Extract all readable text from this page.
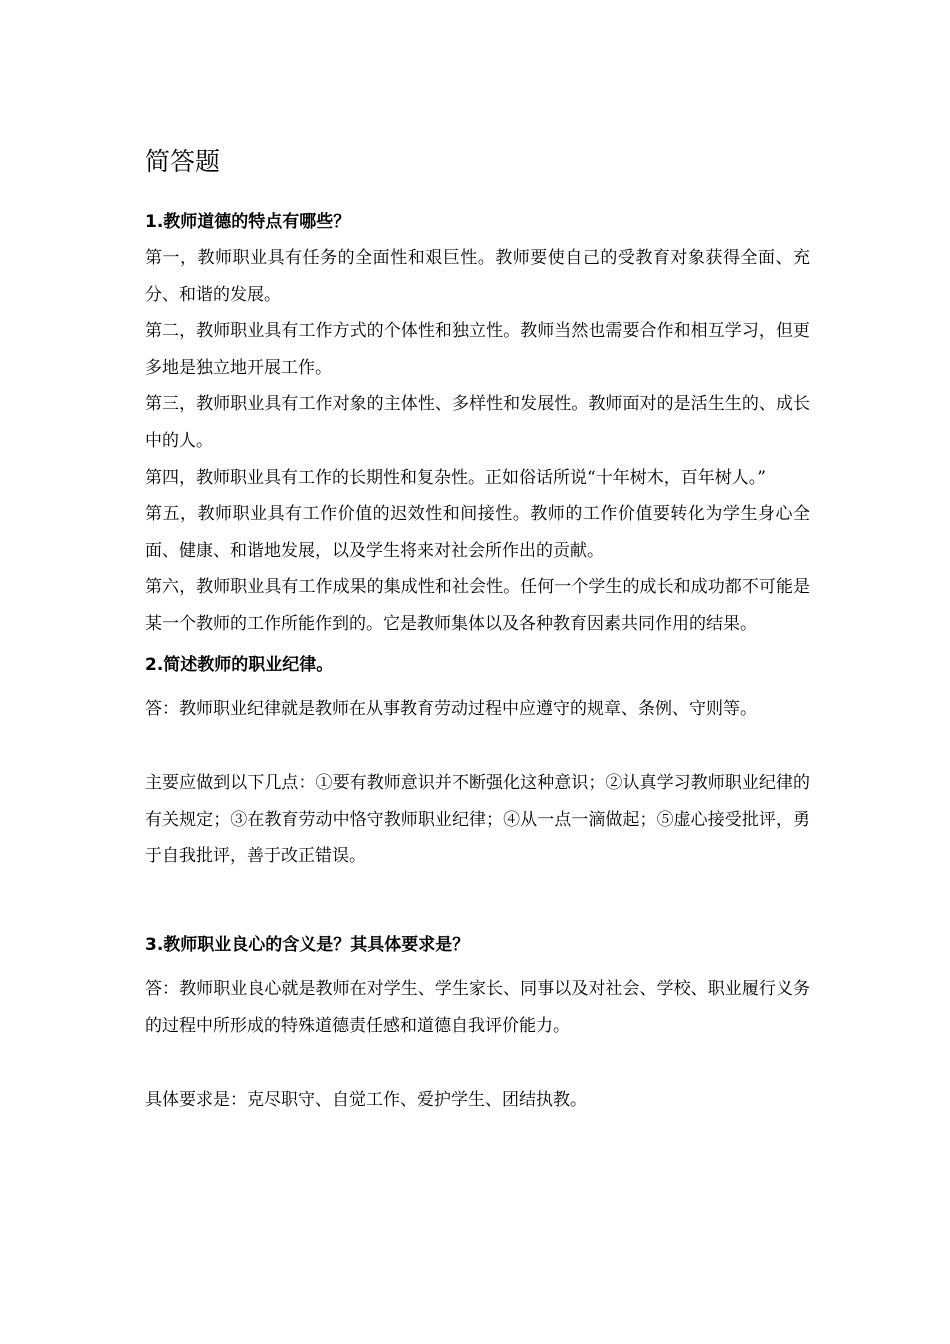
简答题

1.教师道德的特点有哪些？

第一，教师职业具有任务的全面性和艰巨性。教师要使自己的受教育对象获得全面、充分、和谐的发展。

第二，教师职业具有工作方式的个体性和独立性。教师当然也需要合作和相互学习，但更多地是独立地开展工作。

第三，教师职业具有工作对象的主体性、多样性和发展性。教师面对的是活生生的、成长中的人。

第四，教师职业具有工作的长期性和复杂性。正如俗话所说“十年树木，百年树人。”

第五，教师职业具有工作价值的迟效性和间接性。教师的工作价值要转化为学生身心全面、健康、和谐地发展，以及学生将来对社会所作出的贡献。

第六，教师职业具有工作成果的集成性和社会性。任何一个学生的成长和成功都不可能是某一个教师的工作所能作到的。它是教师集体以及各种教育因素共同作用的结果。

2.简述教师的职业纪律。

答：教师职业纪律就是教师在从事教育劳动过程中应遵守的规章、条例、守则等。

主要应做到以下几点：①要有教师意识并不断强化这种意识；②认真学习教师职业纪律的有关规定；③在教育劳动中恪守教师职业纪律；④从一点一滴做起；⑤虚心接受批评，勇于自我批评，善于改正错误。

3.教师职业良心的含义是？其具体要求是？

答：教师职业良心就是教师在对学生、学生家长、同事以及对社会、学校、职业履行义务的过程中所形成的特殊道德责任感和道德自我评价能力。

具体要求是：克尽职守、自觉工作、爱护学生、团结执教。
